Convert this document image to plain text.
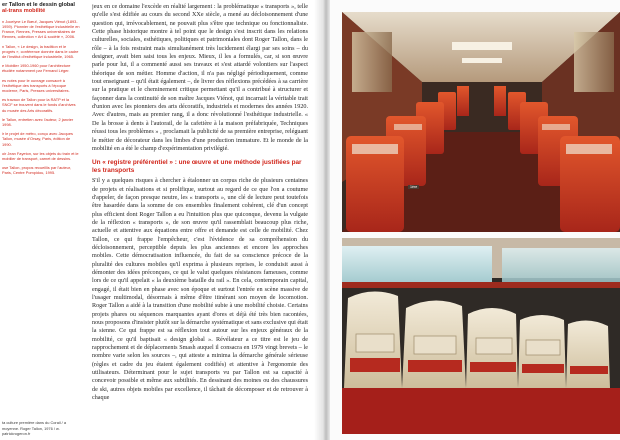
er Tallon et le dessin global
al-trans mobilité
n Jocelyne Le Bœuf, Jacques Viénot (1893-1959). Pionnier de l'esthétique industrielle en France, Rennes, Presses universitaires de Rennes, collection « Art & société », 2006.
n Tallon, « Le design, la tradition et le progrès », conférence donnée dans le cadre de l'Institut d'esthétique industrielle, 1965.
e Mobilier 1950-1960 pour l'architecture étudiée notamment par Fernand Léger.
es notes pour le ouvrage consacré à l'esthétique des transports à l'époque moderne, Paris, Presses universitaires.
es travaux de Tallon pour la RATP et la SNCF se trouvent dans le fonds d'archives du musée des Arts décoratifs.
le Tallon, entretien avec l'auteur, 2 janvier 1998.
ir le projet de métro, conçu avec Jacques Tallon, musée d'Orsay, Paris, édition de 1990.
oir Jean Fayeton, sur les objets du train et le mobilier de transport, carnet de dessins.
ose Tallon, propos recueillis par l'auteur, Paris, Centre Pompidou, 1995.
ta culture première dans du Corail / a moyenne. Roger Tallon, 1976 / w. patrickrogeron.fr

jeux en ce domaine l'excède en réalité largement : la problématique « transports », telle qu'elle s'est édifiée au cours du second XXe siècle, a mené au décloisonnement d'une question qui, irrévocablement, ne pouvait plus s'être que technique ou fonctionnaliste. Cette phase historique montre à tel point que le design s'est inscrit dans les relations culturelles, sociales, esthétiques, politiques et patrimoniales dont Roger Tallon, dans le rôle – à la fois restraint mais simultanément très lucidement élargi par ses soins – du designer, avait bien saisi tous les enjeux. Mieux, il les a formulés, car, si son œuvre parle pour lui, il a commenté aussi ses travaux et s'est attardé volontiers sur l'aspect théorique de son métier. Homme d'action, il n'a pas négligé périodiquement, comme tout enseignant – qu'il était également –, de livrer des réflexions précédées à sa carrière sur la pratique et le cheminement critique permettant qu'il a contribué à structurer et façonner dans la continuité de son maître Jacques Viénot, qui incarnait la véritable trait d'union avec les pionniers des arts décoratifs, industriels et modernes des années 1920. Avec d'autres, mais au premier rang, il a donc révolutionné l'esthétique industrielle. « De la brosse à dents à l'autorail, de la cafetière à la maison préfabriquée, Techniques réussi tous les problèmes » , proclamait la publicité de sa première entreprise, reléguant le métier de décorateur dans les limbes d'une production immature. Et le monde de la mobilité en a été le champ d'expérimentation privilégié.

Un « registre préférentiel » : une œuvre et une méthode justifiées par les transports

S'il y a quelques risques à chercher à étalonner un corpus riche de plusieurs centaines de projets et réalisations et si prolifique, surtout au regard de ce que l'on a coutume d'appeler, de façon presque neutre, les « transports », une clé de lecture peut toutefois être hasardée dans la somme de ces ensembles finalement cohérent, clé d'un concept plus efficient dont Roger Tallon a eu l'intuition plus que quiconque, devenu la vulgate de la réflexion « transports », de son œuvre qu'il rassemblait beaucoup plus riche, actuelle et attentive aux équations entre offre et demande est celle de mobilité. Chez Tallon, ce qui frappe l'empêcheur, c'est l'évidence de sa compréhension du décloisonnement, perceptible depuis les plus anciennes et encore les approches mobiles. Cette démocratisation influencée, du fait de sa conscience précoce de la pluralité des cultures mobiles qu'il exprima à plusieurs reprises, le conduisit aussi à démonter des idées préconçues, ce qui le valut quelques résistances fameuses, comme lors de ce qu'il appelait « la deuxième bataille du rail ». En cela, contemporain capital, engagé, il était bien en phase avec son époque et surtout l'entrée en scène massive de l'usager multimodal, désormais à même d'être itinérant son moyen de locomotion. Roger Tallon a aidé à la transition d'une mobilité subie à une mobilité choisie. Certains projets phares ou séquences marquantes ayant d'ores et déjà été très bien racontées, nous proposons d'insister plutôt sur la démarche systématique et sans exclusive qui était la sienne. Ce qui frappe est sa réflexion tout autour sur les enjeux généraux de la mobilité, ce qu'il baptisait « design global ». Révélateur a ce titre est le jeu de rapprochement et de déplacements Smash auquel il consacra en 1979 vingt brevets – le nombre varie selon les sources –, qui atteste a minima la démarche générale sérieuse (règles et cadre du jeu étaient également codifiés) et attentive à l'ergonomie des utilisateurs. Déterminant pour le sujet transports vu par Tallon est sa capacité à concevoir possible et même aux subtilités. En dessinant des moines ou des chaussures de ski, autres objets mobiles par excellence, il tâchait de décomposer et de retrouver à chaque

1ère
